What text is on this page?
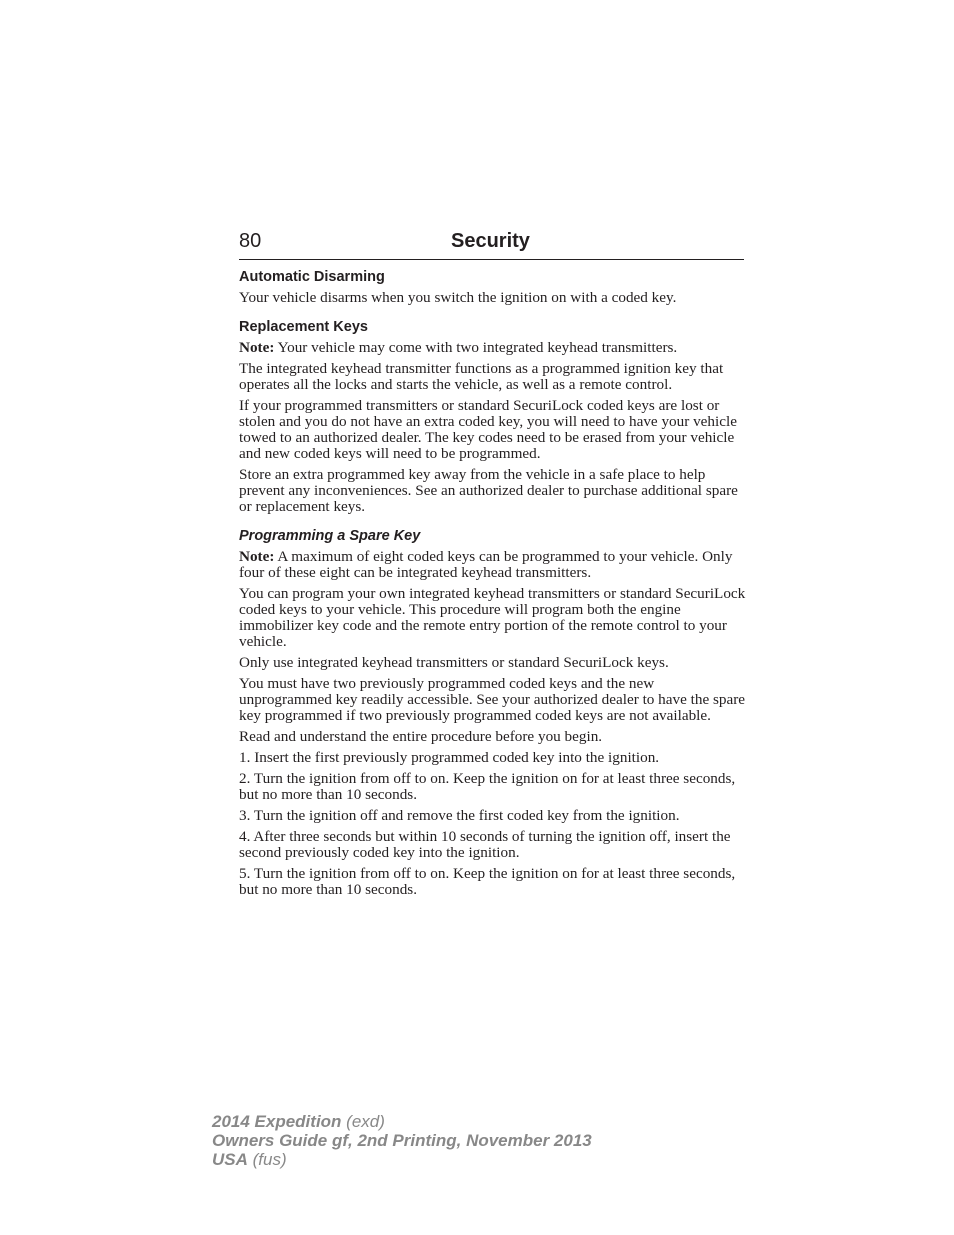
80	Security
Automatic Disarming

Your vehicle disarms when you switch the ignition on with a coded key.

Replacement Keys

Note: Your vehicle may come with two integrated keyhead transmitters.

The integrated keyhead transmitter functions as a programmed ignition key that operates all the locks and starts the vehicle, as well as a remote control.

If your programmed transmitters or standard SecuriLock coded keys are lost or stolen and you do not have an extra coded key, you will need to have your vehicle towed to an authorized dealer. The key codes need to be erased from your vehicle and new coded keys will need to be programmed.

Store an extra programmed key away from the vehicle in a safe place to help prevent any inconveniences. See an authorized dealer to purchase additional spare or replacement keys.

Programming a Spare Key

Note: A maximum of eight coded keys can be programmed to your vehicle. Only four of these eight can be integrated keyhead transmitters.

You can program your own integrated keyhead transmitters or standard SecuriLock coded keys to your vehicle. This procedure will program both the engine immobilizer key code and the remote entry portion of the remote control to your vehicle.

Only use integrated keyhead transmitters or standard SecuriLock keys.

You must have two previously programmed coded keys and the new unprogrammed key readily accessible. See your authorized dealer to have the spare key programmed if two previously programmed coded keys are not available.

Read and understand the entire procedure before you begin.

1. Insert the first previously programmed coded key into the ignition.

2. Turn the ignition from off to on. Keep the ignition on for at least three seconds, but no more than 10 seconds.

3. Turn the ignition off and remove the first coded key from the ignition.

4. After three seconds but within 10 seconds of turning the ignition off, insert the second previously coded key into the ignition.

5. Turn the ignition from off to on. Keep the ignition on for at least three seconds, but no more than 10 seconds.

2014 Expedition (exd)
Owners Guide gf, 2nd Printing, November 2013
USA (fus)
